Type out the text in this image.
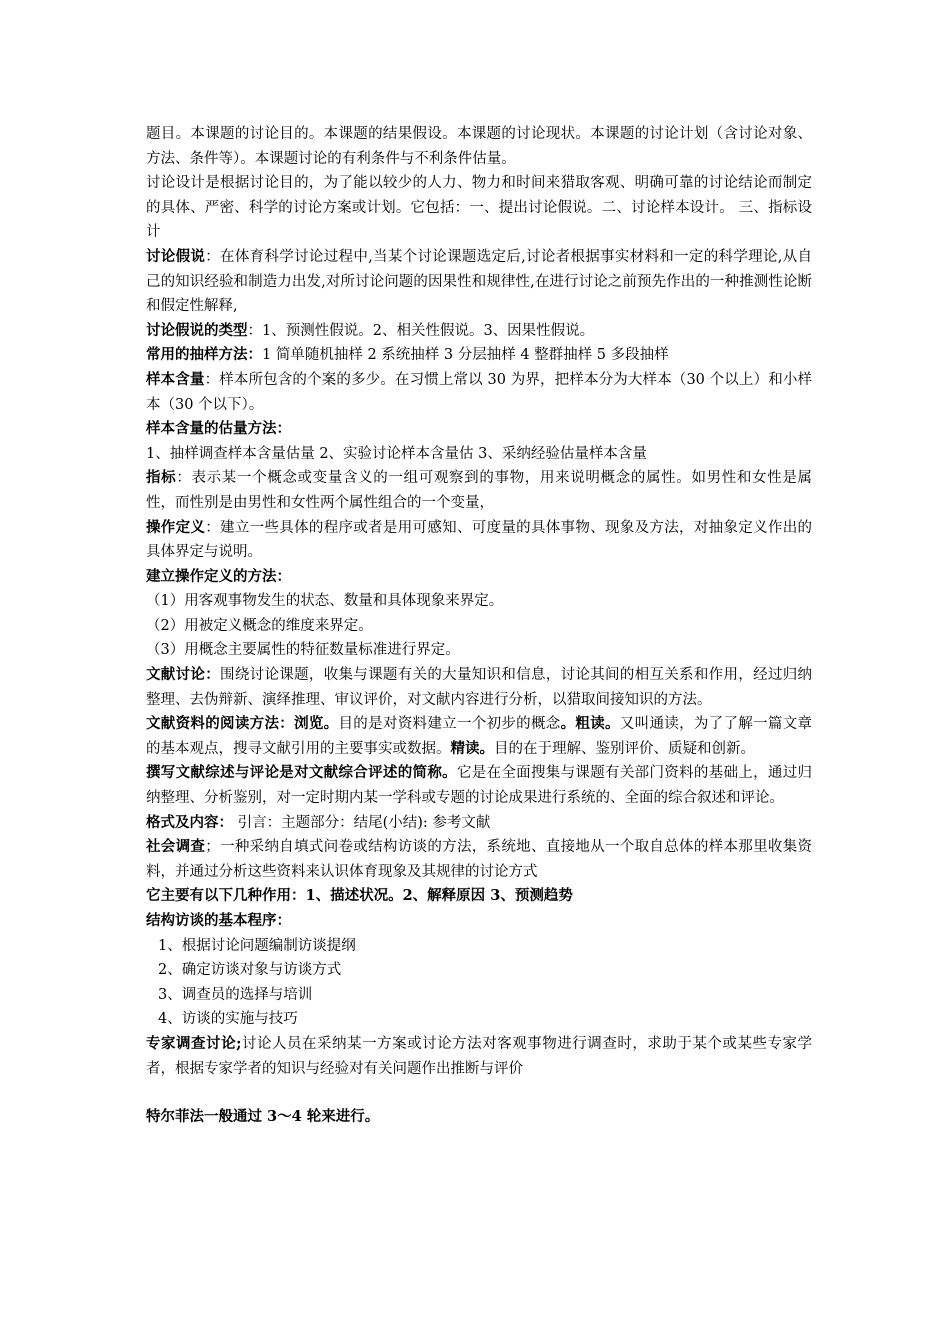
题目。本课题的讨论目的。本课题的结果假设。本课题的讨论现状。本课题的讨论计划（含讨论对象、方法、条件等）。本课题讨论的有利条件与不利条件估量。

讨论设计是根据讨论目的，为了能以较少的人力、物力和时间来猎取客观、明确可靠的讨论结论而制定的具体、严密、科学的讨论方案或计划。它包括：一、提出讨论假说。二、讨论样本设计。 三、指标设计

讨论假说：在体育科学讨论过程中,当某个讨论课题选定后,讨论者根据事实材料和一定的科学理论,从自己的知识经验和制造力出发,对所讨论问题的因果性和规律性,在进行讨论之前预先作出的一种推测性论断和假定性解释,

讨论假说的类型：1、预测性假说。2、相关性假说。3、因果性假说。

常用的抽样方法：1 简单随机抽样 2 系统抽样 3 分层抽样 4 整群抽样 5 多段抽样

样本含量：样本所包含的个案的多少。在习惯上常以 30 为界，把样本分为大样本（30 个以上）和小样本（30 个以下）。

样本含量的估量方法：

1、抽样调查样本含量估量 2、实验讨论样本含量估 3、采纳经验估量样本含量

指标：表示某一个概念或变量含义的一组可观察到的事物，用来说明概念的属性。如男性和女性是属性，而性别是由男性和女性两个属性组合的一个变量，

操作定义：建立一些具体的程序或者是用可感知、可度量的具体事物、现象及方法，对抽象定义作出的具体界定与说明。

建立操作定义的方法：

（1）用客观事物发生的状态、数量和具体现象来界定。

（2）用被定义概念的维度来界定。

（3）用概念主要属性的特征数量标准进行界定。

文献讨论：围绕讨论课题，收集与课题有关的大量知识和信息，讨论其间的相互关系和作用，经过归纳整理、去伪辩新、演绎推理、审议评价，对文献内容进行分析，以猎取间接知识的方法。

文献资料的阅读方法：浏览。目的是对资料建立一个初步的概念。粗读。又叫通读，为了了解一篇文章的基本观点，搜寻文献引用的主要事实或数据。精读。目的在于理解、鉴别评价、质疑和创新。

撰写文献综述与评论是对文献综合评述的简称。它是在全面搜集与课题有关部门资料的基础上，通过归纳整理、分析鉴别，对一定时期内某一学科或专题的讨论成果进行系统的、全面的综合叙述和评论。

格式及内容： 引言：主题部分：结尾(小结): 参考文献

社会调查；一种采纳自填式问卷或结构访谈的方法，系统地、直接地从一个取自总体的样本那里收集资料，并通过分析这些资料来认识体育现象及其规律的讨论方式

它主要有以下几种作用：1、描述状况。2、解释原因 3、预测趋势

结构访谈的基本程序：

1、根据讨论问题编制访谈提纲

2、确定访谈对象与访谈方式

3、调查员的选择与培训

4、访谈的实施与技巧

专家调查讨论;讨论人员在采纳某一方案或讨论方法对客观事物进行调查时，求助于某个或某些专家学者，根据专家学者的知识与经验对有关问题作出推断与评价

特尔菲法一般通过 3～4 轮来进行。
